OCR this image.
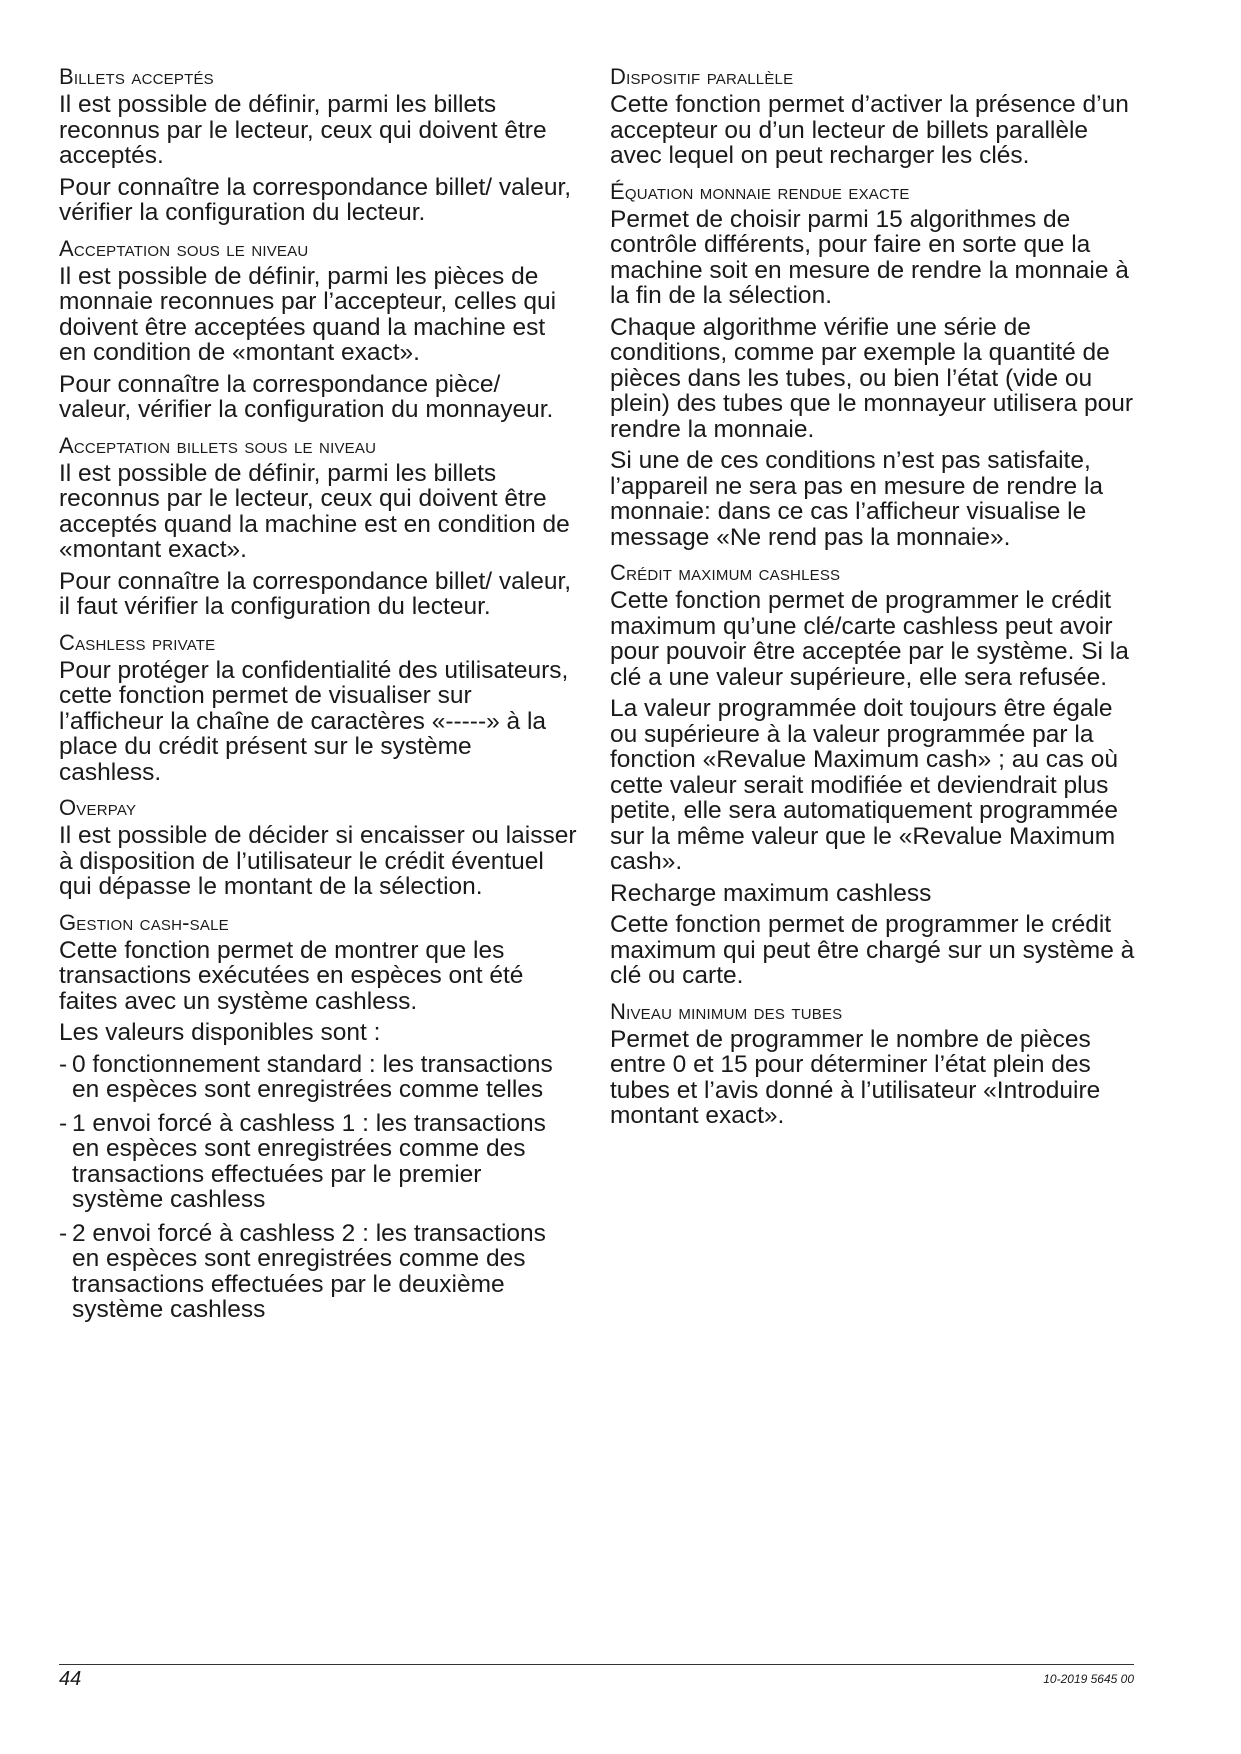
Billets acceptés

Il est possible de définir, parmi les billets reconnus par le lecteur, ceux qui doivent être acceptés.

Pour connaître la correspondance billet/ valeur, vérifier la configuration du lecteur.

Acceptation sous le niveau

Il est possible de définir, parmi les pièces de monnaie reconnues par l’accepteur, celles qui doivent être acceptées quand la machine est en condition de «montant exact».

Pour connaître la correspondance pièce/ valeur, vérifier la configuration du monnayeur.

Acceptation billets sous le niveau

Il est possible de définir, parmi les billets reconnus par le lecteur, ceux qui doivent être acceptés quand la machine est en condition de «montant exact».

Pour connaître la correspondance billet/ valeur, il faut vérifier la configuration du lecteur.

Cashless private

Pour protéger la confidentialité des utilisateurs, cette fonction permet de visualiser sur l’afficheur la chaîne de caractères «-----» à la place du crédit présent sur le système cashless.

Overpay

Il est possible de décider si encaisser ou laisser à disposition de l’utilisateur le crédit éventuel qui dépasse le montant de la sélection.

Gestion cash-sale

Cette fonction permet de montrer que les transactions exécutées en espèces ont été faites avec un système cashless.

Les valeurs disponibles sont :

- 0 fonctionnement standard : les transactions en espèces sont enregistrées comme telles
- 1 envoi forcé à cashless 1 : les transactions en espèces sont enregistrées comme des transactions effectuées par le premier système cashless
- 2 envoi forcé à cashless 2 : les transactions en espèces sont enregistrées comme des transactions effectuées par le deuxième système cashless
Dispositif parallèle

Cette fonction permet d’activer la présence d’un accepteur ou d’un lecteur de billets parallèle avec lequel on peut recharger les clés.

Équation monnaie rendue exacte

Permet de choisir parmi 15 algorithmes de contrôle différents, pour faire en sorte que la machine soit en mesure de rendre la monnaie à la fin de la sélection.

Chaque algorithme vérifie une série de conditions, comme par exemple la quantité de pièces dans les tubes, ou bien l’état (vide ou plein) des tubes que le monnayeur utilisera pour rendre la monnaie.

Si une de ces conditions n’est pas satisfaite, l’appareil ne sera pas en mesure de rendre la monnaie: dans ce cas l’afficheur visualise le message «Ne rend pas la monnaie».

Crédit maximum cashless

Cette fonction permet de programmer le crédit maximum qu’une clé/carte cashless peut avoir pour pouvoir être acceptée par le système. Si la clé a une valeur supérieure, elle sera refusée.

La valeur programmée doit toujours être égale ou supérieure à la valeur programmée par la fonction «Revalue Maximum cash» ; au cas où cette valeur serait modifiée et deviendrait plus petite, elle sera automatiquement programmée sur la même valeur que le «Revalue Maximum cash».

Recharge maximum cashless

Cette fonction permet de programmer le crédit maximum qui peut être chargé sur un système à clé ou carte.

Niveau minimum des tubes

Permet de programmer le nombre de pièces entre 0 et 15 pour déterminer l’état plein des tubes et l’avis donné à l’utilisateur «Introduire montant exact».

44	10-2019 5645 00
